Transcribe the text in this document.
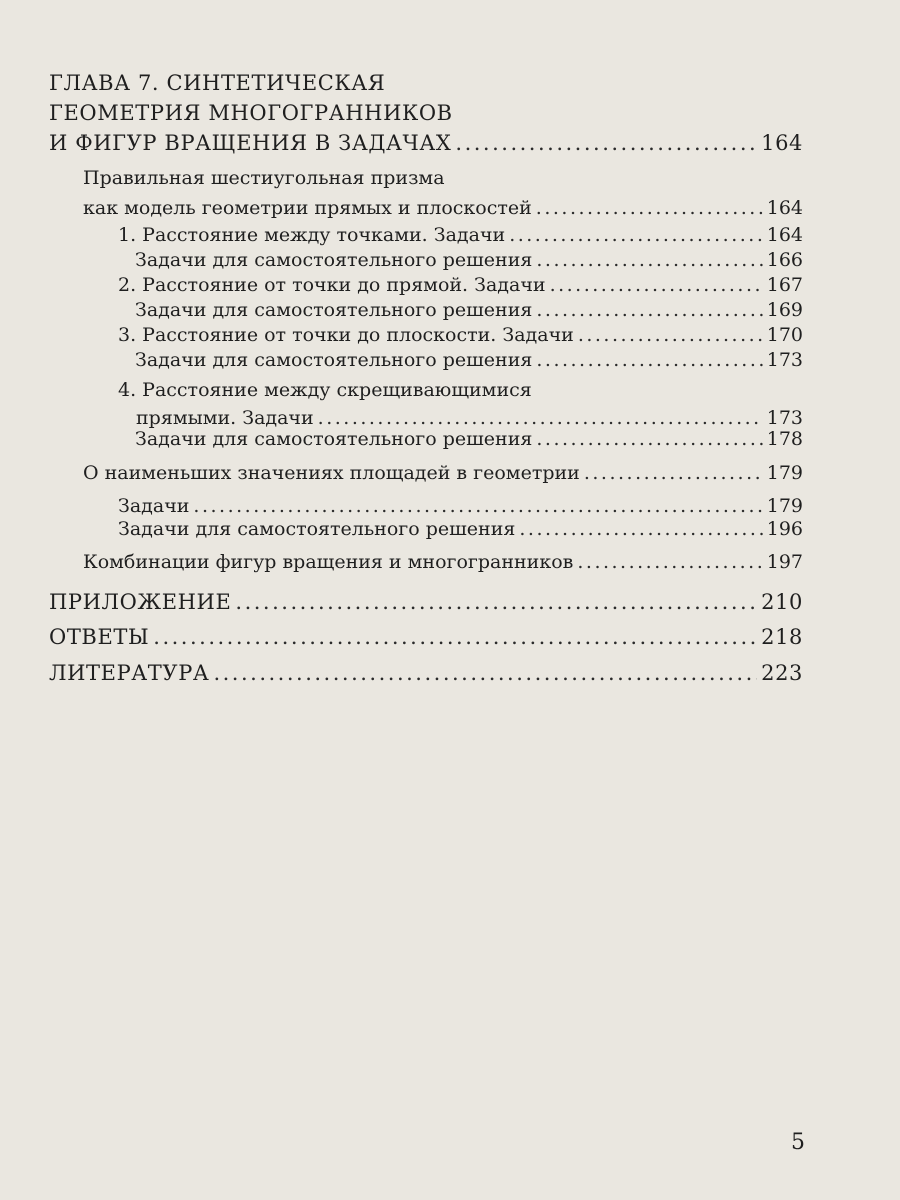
ГЛАВА 7. СИНТЕТИЧЕСКАЯ
ГЕОМЕТРИЯ МНОГОГРАННИКОВ
И ФИГУР ВРАЩЕНИЯ В ЗАДАЧАХ .....	164
Правильная шестиугольная призма
как модель геометрии прямых и плоскостей .....	164
1. Расстояние между точками. Задачи .....	164
Задачи для самостоятельного решения .....	166
2. Расстояние от точки до прямой. Задачи .....	167
Задачи для самостоятельного решения .....	169
3. Расстояние от точки до плоскости. Задачи .....	170
Задачи для самостоятельного решения .....	173
4. Расстояние между скрещивающимися
прямыми. Задачи .....	173
Задачи для самостоятельного решения .....	178
О наименьших значениях площадей в геометрии .....	179
Задачи .....	179
Задачи для самостоятельного решения .....	196
Комбинации фигур вращения и многогранников .....	197
ПРИЛОЖЕНИЕ .....	210
ОТВЕТЫ .....	218
ЛИТЕРАТУРА .....	223
5
